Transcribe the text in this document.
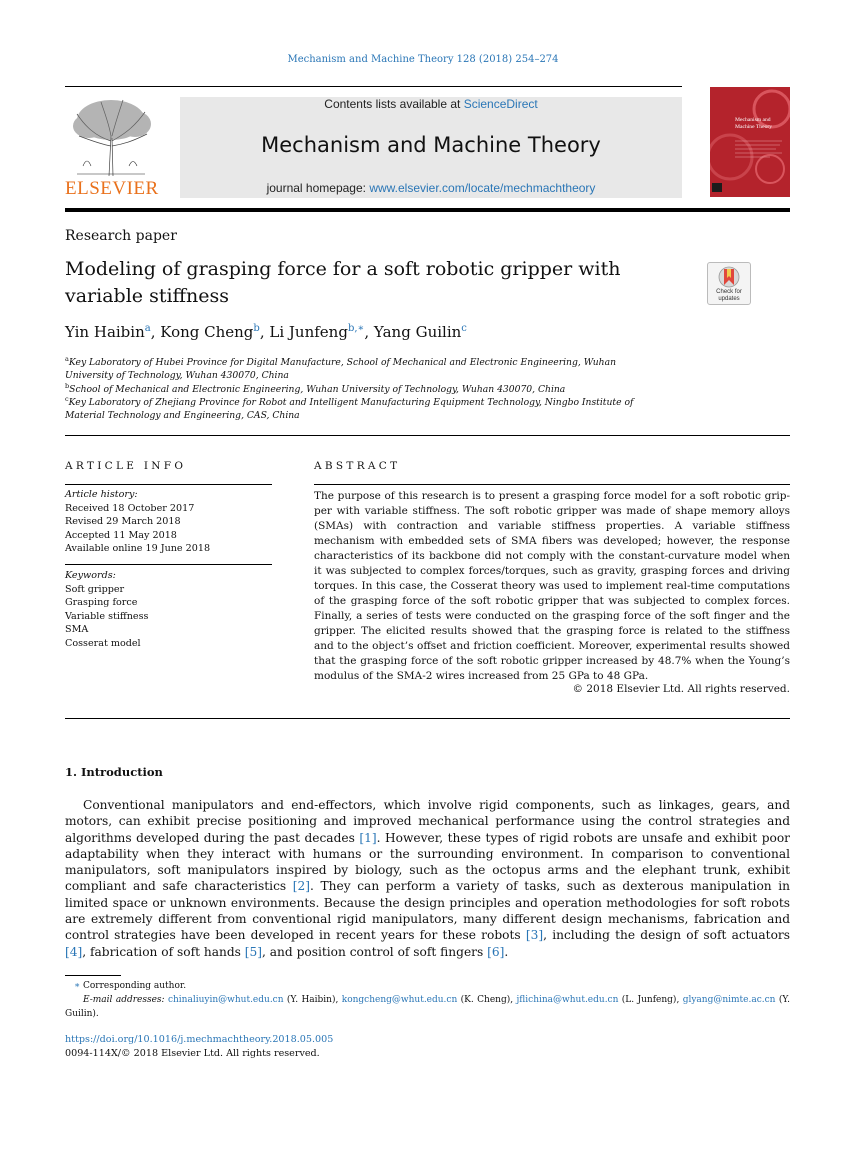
Mechanism and Machine Theory 128 (2018) 254–274
ELSEVIER
Contents lists available at ScienceDirect
Mechanism and Machine Theory
journal homepage: www.elsevier.com/locate/mechmachtheory
Mechanism and Machine Theory
Research paper
Modeling of grasping force for a soft robotic gripper with variable stiffness	Check for updates
Yin Haibin$^a$, Kong Cheng$^b$, Li Junfeng$^{b,∗}$, Yang Guilin$^c$
$^a$Key Laboratory of Hubei Province for Digital Manufacture, School of Mechanical and Electronic Engineering, Wuhan University of Technology, Wuhan 430070, China
$^b$School of Mechanical and Electronic Engineering, Wuhan University of Technology, Wuhan 430070, China
$^c$Key Laboratory of Zhejiang Province for Robot and Intelligent Manufacturing Equipment Technology, Ningbo Institute of Material Technology and Engineering, CAS, China
ARTICLE INFO	ABSTRACT
Article history:
Received 18 October 2017
Revised 29 March 2018
Accepted 11 May 2018
Available online 19 June 2018
Keywords:
Soft gripper
Grasping force
Variable stiffness
SMA
Cosserat model
The purpose of this research is to present a grasping force model for a soft robotic gripper with variable stiffness. The soft robotic gripper was made of shape memory alloys (SMAs) with contraction and variable stiffness properties. A variable stiffness mechanism with embedded sets of SMA fibers was developed; however, the response characteristics of its backbone did not comply with the constant-curvature model when it was subjected to complex forces/torques, such as gravity, grasping forces and driving torques. In this case, the Cosserat theory was used to implement real-time computations of the grasping force of the soft robotic gripper that was subjected to complex forces. Finally, a series of tests were conducted on the grasping force of the soft finger and the gripper. The elicited results showed that the grasping force is related to the stiffness and to the object’s offset and friction coefficient. Moreover, experimental results showed that the grasping force of the soft robotic gripper increased by 48.7% when the Young’s modulus of the SMA-2 wires increased from 25 GPa to 48 GPa.
© 2018 Elsevier Ltd. All rights reserved.
1. Introduction
Conventional manipulators and end-effectors, which involve rigid components, such as linkages, gears, and motors, can exhibit precise positioning and improved mechanical performance using the control strategies and algorithms developed during the past decades [1]. However, these types of rigid robots are unsafe and exhibit poor adaptability when they interact with humans or the surrounding environment. In comparison to conventional manipulators, soft manipulators inspired by biology, such as the octopus arms and the elephant trunk, exhibit compliant and safe characteristics [2]. They can perform a variety of tasks, such as dexterous manipulation in limited space or unknown environments. Because the design principles and operation methodologies for soft robots are extremely different from conventional rigid manipulators, many different design mechanisms, fabrication and control strategies have been developed in recent years for these robots [3], including the design of soft actuators [4], fabrication of soft hands [5], and position control of soft fingers [6].
∗ Corresponding author.
E-mail addresses: chinaliuyin@whut.edu.cn (Y. Haibin), kongcheng@whut.edu.cn (K. Cheng), jflichina@whut.edu.cn (L. Junfeng), glyang@nimte.ac.cn (Y. Guilin).
https://doi.org/10.1016/j.mechmachtheory.2018.05.005
0094-114X/© 2018 Elsevier Ltd. All rights reserved.
